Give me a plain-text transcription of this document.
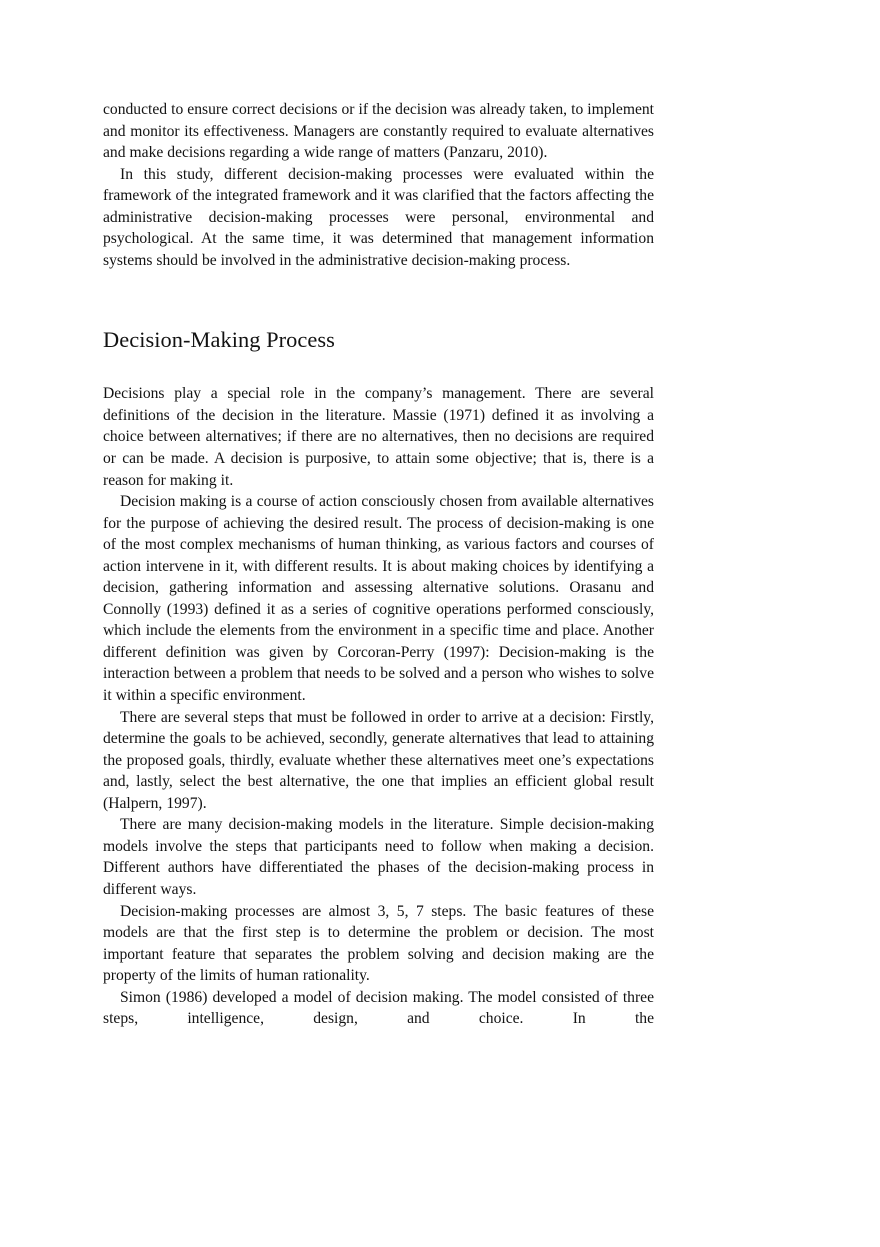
conducted to ensure correct decisions or if the decision was already taken, to implement and monitor its effectiveness. Managers are constantly required to evaluate alternatives and make decisions regarding a wide range of matters (Panzaru, 2010).

In this study, different decision-making processes were evaluated within the framework of the integrated framework and it was clarified that the factors affecting the administrative decision-making processes were personal, environmental and psychological. At the same time, it was determined that management information systems should be involved in the administrative decision-making process.

Decision-Making Process

Decisions play a special role in the company’s management. There are several definitions of the decision in the literature. Massie (1971) defined it as involving a choice between alternatives; if there are no alternatives, then no decisions are required or can be made. A decision is purposive, to attain some objective; that is, there is a reason for making it.

Decision making is a course of action consciously chosen from available alternatives for the purpose of achieving the desired result. The process of decision-making is one of the most complex mechanisms of human thinking, as various factors and courses of action intervene in it, with different results. It is about making choices by identifying a decision, gathering information and assessing alternative solutions. Orasanu and Connolly (1993) defined it as a series of cognitive operations performed consciously, which include the elements from the environment in a specific time and place. Another different definition was given by Corcoran-Perry (1997): Decision-making is the interaction between a problem that needs to be solved and a person who wishes to solve it within a specific environment.

There are several steps that must be followed in order to arrive at a decision: Firstly, determine the goals to be achieved, secondly, generate alternatives that lead to attaining the proposed goals, thirdly, evaluate whether these alternatives meet one’s expectations and, lastly, select the best alternative, the one that implies an efficient global result (Halpern, 1997).

There are many decision-making models in the literature. Simple decision-making models involve the steps that participants need to follow when making a decision. Different authors have differentiated the phases of the decision-making process in different ways.

Decision-making processes are almost 3, 5, 7 steps. The basic features of these models are that the first step is to determine the problem or decision. The most important feature that separates the problem solving and decision making are the property of the limits of human rationality.

Simon (1986) developed a model of decision making. The model consisted of three steps, intelligence, design, and choice. In the
